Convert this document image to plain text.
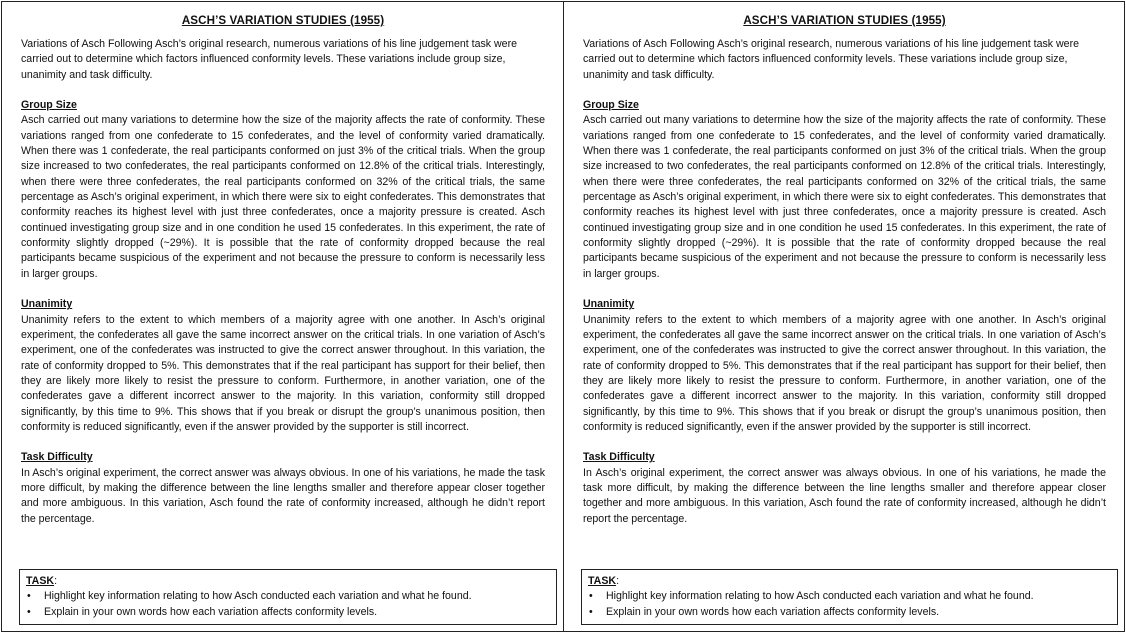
ASCH’S VARIATION STUDIES (1955)

Variations of Asch Following Asch’s original research, numerous variations of his line judgement task were carried out to determine which factors influenced conformity levels. These variations include group size, unanimity and task difficulty.

Group Size

Asch carried out many variations to determine how the size of the majority affects the rate of conformity. These variations ranged from one confederate to 15 confederates, and the level of conformity varied dramatically. When there was 1 confederate, the real participants conformed on just 3% of the critical trials. When the group size increased to two confederates, the real participants conformed on 12.8% of the critical trials. Interestingly, when there were three confederates, the real participants conformed on 32% of the critical trials, the same percentage as Asch’s original experiment, in which there were six to eight confederates. This demonstrates that conformity reaches its highest level with just three confederates, once a majority pressure is created. Asch continued investigating group size and in one condition he used 15 confederates. In this experiment, the rate of conformity slightly dropped (~29%). It is possible that the rate of conformity dropped because the real participants became suspicious of the experiment and not because the pressure to conform is necessarily less in larger groups.

Unanimity

Unanimity refers to the extent to which members of a majority agree with one another. In Asch’s original experiment, the confederates all gave the same incorrect answer on the critical trials. In one variation of Asch’s experiment, one of the confederates was instructed to give the correct answer throughout. In this variation, the rate of conformity dropped to 5%. This demonstrates that if the real participant has support for their belief, then they are likely more likely to resist the pressure to conform. Furthermore, in another variation, one of the confederates gave a different incorrect answer to the majority. In this variation, conformity still dropped significantly, by this time to 9%. This shows that if you break or disrupt the group’s unanimous position, then conformity is reduced significantly, even if the answer provided by the supporter is still incorrect.

Task Difficulty

In Asch’s original experiment, the correct answer was always obvious. In one of his variations, he made the task more difficult, by making the difference between the line lengths smaller and therefore appear closer together and more ambiguous. In this variation, Asch found the rate of conformity increased, although he didn’t report the percentage.

TASK:
• Highlight key information relating to how Asch conducted each variation and what he found.
• Explain in your own words how each variation affects conformity levels.
ASCH’S VARIATION STUDIES (1955)

Variations of Asch Following Asch’s original research, numerous variations of his line judgement task were carried out to determine which factors influenced conformity levels. These variations include group size, unanimity and task difficulty.

Group Size

Asch carried out many variations to determine how the size of the majority affects the rate of conformity. These variations ranged from one confederate to 15 confederates, and the level of conformity varied dramatically. When there was 1 confederate, the real participants conformed on just 3% of the critical trials. When the group size increased to two confederates, the real participants conformed on 12.8% of the critical trials. Interestingly, when there were three confederates, the real participants conformed on 32% of the critical trials, the same percentage as Asch’s original experiment, in which there were six to eight confederates. This demonstrates that conformity reaches its highest level with just three confederates, once a majority pressure is created. Asch continued investigating group size and in one condition he used 15 confederates. In this experiment, the rate of conformity slightly dropped (~29%). It is possible that the rate of conformity dropped because the real participants became suspicious of the experiment and not because the pressure to conform is necessarily less in larger groups.

Unanimity

Unanimity refers to the extent to which members of a majority agree with one another. In Asch’s original experiment, the confederates all gave the same incorrect answer on the critical trials. In one variation of Asch’s experiment, one of the confederates was instructed to give the correct answer throughout. In this variation, the rate of conformity dropped to 5%. This demonstrates that if the real participant has support for their belief, then they are likely more likely to resist the pressure to conform. Furthermore, in another variation, one of the confederates gave a different incorrect answer to the majority. In this variation, conformity still dropped significantly, by this time to 9%. This shows that if you break or disrupt the group’s unanimous position, then conformity is reduced significantly, even if the answer provided by the supporter is still incorrect.

Task Difficulty

In Asch’s original experiment, the correct answer was always obvious. In one of his variations, he made the task more difficult, by making the difference between the line lengths smaller and therefore appear closer together and more ambiguous. In this variation, Asch found the rate of conformity increased, although he didn’t report the percentage.

TASK:
• Highlight key information relating to how Asch conducted each variation and what he found.
• Explain in your own words how each variation affects conformity levels.
